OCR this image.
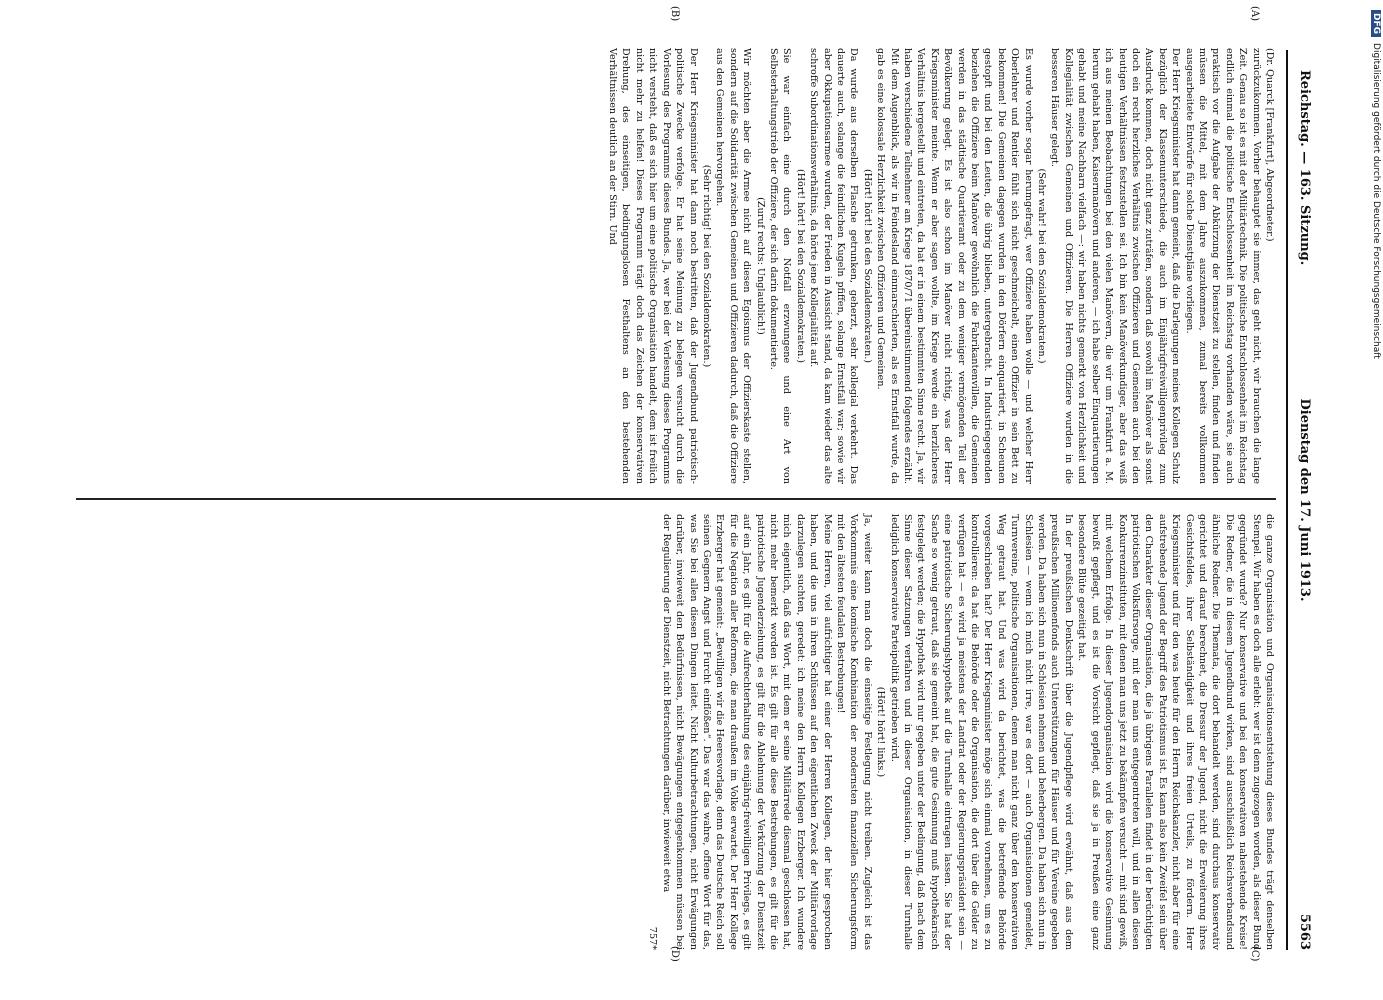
Reichstag. — 163. Sitzung.
Dienstag den 17. Juni 1913.
5563
(A)
(B)
(C)
(D)

(Dr. Quarck [Frankfurt], Abgeordneter.)

zurückzukommen. Vorher behauptet sie immer, das geht nicht, wir brauchen die lange Zeit. Genau so ist es mit der Militärtechnik. Die politische Entschlossenheit im Reichstag endlich einmal die politische Entschlossenheit im Reichstag vorhanden wäre, sie auch praktisch vor die Aufgabe der Abkürzung der Dienstzeit zu stellen, finden und finden müssen die Mittel, mit dem Jahre auszukommen, zumal bereits vollkommen ausgearbeitete Entwürfe für solche Dienstpläne vorliegen.

Der Herr Kriegsminister hat dann gemeint, daß die Darlegungen meines Kollegen Schulz bezüglich der Klassenunterschiede, die auch im Einjährigfreiwilligenprivileg zum Ausdruck kommen, doch nicht ganz zuträfen, sondern daß sowohl im Manöver als sonst doch ein recht herzliches Verhältnis zwischen Offizieren und Gemeinen auch bei den heutigen Verhältnissen festzustellen sei. Ich bin kein Manöverkundiger, aber das weiß ich aus meinen Beobachtungen bei den vielen Manövern, die wir um Frankfurt a. M. herum gehabt haben, Kaisermanövern und anderen, — ich habe selber Einquartierungen gehabt und meine Nachbarn vielfach —: wir haben nichts gemerkt von Herzlichkeit und Kollegialität zwischen Gemeinen und Offizieren. Die Herren Offiziere wurden in die besseren Häuser gelegt.

(Sehr wahr! bei den Sozialdemokraten.)

Es wurde vorher sogar herumgefragt, wer Offiziere haben wolle — und welcher Herr Oberlehrer und Rentier fühlt sich nicht geschmeichelt, einen Offizier in sein Bett zu bekommen! Die Gemeinen dagegen wurden in den Dörfern einquartiert, in Scheunen gestopft und bei den Leuten, die übrig blieben, untergebracht. In Industriegegenden beziehen die Offiziere beim Manöver gewöhnlich die Fabrikantenvillen, die Gemeinen werden in das städtische Quartieramt oder zu dem weniger vermögenden Teil der Bevölkerung gelegt. Es ist also schon im Manöver nicht richtig, was der Herr Kriegsminister meinte. Wenn er aber sagen wollte, im Kriege werde ein herzlicheres Verhältnis hergestellt und eintreten, da hat er in einem bestimmten Sinne recht. Ja, wir haben verschiedene Teilnehmer am Kriege 1870/71 übereinstimmend folgendes erzählt. Mit dem Augenblick, als wir in Feindesland einmarschierten, als es Ernstfall wurde, da gab es eine kolossale Herzlichkeit zwischen Offizieren und Gemeinen.

(Hört! hört! bei den Sozialdemokraten.)

Da wurde aus derselben Flasche getrunken, geherzt, sehr kollegial verkehrt. Das dauerte auch, solange die feindlichen Kugeln pfiffen, solange Ernstfall war; sowie wir aber Okkupationsarmee wurden, der Frieden in Aussicht stand, da kam wieder das alte schroffe Subordinationsverhältnis, da hörte jene Kollegialität auf.

(Hört! hört! bei den Sozialdemokraten.)

Sie war einfach eine durch den Notfall erzwungene und eine Art von Selbsterhaltungstrieb der Offiziere, der sich darin dokumentierte.

(Zuruf rechts: Unglaublich!)

Wir möchten aber die Armee nicht auf diesen Egoismus der Offizierskaste stellen, sondern auf die Solidarität zwischen Gemeinen und Offizieren dadurch, daß die Offiziere aus den Gemeinen hervorgehen.

(Sehr richtig! bei den Sozialdemokraten.)

Der Herr Kriegsminister hat dann noch bestritten, daß der Jugendbund patriotisch-politische Zwecke verfolge. Er hat seine Meinung zu belegen versucht durch die Vorlesung des Programms dieses Bundes. Ja, wer bei der Verlesung dieses Programms nicht versteht, daß es sich hier um eine politische Organisation handelt, dem ist freilich nicht mehr zu helfen! Dieses Programm trägt doch das Zeichen der konservativen Drehung, des einseitigen, bedingungslosen Festhaltens an den bestehenden Verhältnissen deutlich an der Stirn. Und

die ganze Organisation und Organisationsentstehung dieses Bundes trägt denselben Stempel. Wir haben es doch alle erlebt: wer ist denn zugezogen worden, als dieser Bund gegründet wurde? Nur konservative und bei den konservativen nahestehende Kreise! Die Redner, die in diesem Jugendbund wirken, sind ausschließlich Reichsverbandsund ähnliche Redner. Die Themata, die dort behandelt werden, sind durchaus konservativ gerichtet und darauf berechnet, die Dressur der Jugend, nicht die Erweiterung ihres Gesichtsfeldes, ihrer Selbständigkeit und ihres freien Urteils, zu fördern. Herr Kriegsminister und für den was heute für den Herrn Reichskanzler, nicht aber für eine aufstrebende Jugend der Begriff des Patriotismus ist. Es kann also kein Zweifel sein über den Charakter dieser Organisation, die ja übrigens Parallelen findet in der berüchtigten patriotischen Volksfürsorge, mit der man uns entgegentreten will, und in allen diesen Konkurrenzinstituten, mit denen man uns jetzt zu bekämpfen versucht — mit sind gewiß, mit welchem Erfolge. In dieser Jugendorganisation wird die konservative Gesinnung bewußt gepflegt, und es ist die Vorsicht gepflegt, daß sie ja in Preußen eine ganz besondere Blüte gezeitigt hat.

In der preußischen Denkschrift über die Jugendpflege wird erwähnt, daß aus dem preußischen Millionenfonds auch Unterstützungen für Häuser und für Vereine gegeben werden. Da haben sich nun in Schlesien nehmen und beherbergen. Da haben sich nun in Schlesien — wenn ich mich nicht irre, war es dort — auch Organisationen gemeldet, Turnvereine, politische Organisationen, denen man nicht ganz über den konservativen Weg getraut hat. Und was wird da berichtet, was die betreffende Behörde vorgeschrieben hat? Der Herr Kriegsminister möge sich einmal vornehmen, um es zu kontrollieren: da hat die Behörde oder die Organisation, die dort über die Gelder zu verfügen hat — es wird ja meistens der Landrat oder der Regierungspräsident sein — eine patriotische Sicherungshypothek auf die Turnhalle eintragen lassen. Sie hat der Sache so wenig getraut, daß sie gemeint hat, die gute Gesinnung muß hypothekarisch festgelegt werden; die Hypothek wird nur gegeben unter der Bedingung, daß nach dem Sinne dieser Satzungen verfahren und in dieser Organisation, in dieser Turnhalle lediglich konservative Parteipolitik getrieben wird.

(Hört! hört! links.)

Ja, weiter kann man doch die einseitige Festlegung nicht treiben. Zugleich ist das Vorkommnis eine komische Kombination der modernsten finanziellen Sicherungsform mit den ältesten feudalen Bestrebungen!

Meine Herren, viel aufrichtiger hat einer der Herren Kollegen, der hier gesprochen haben, und die uns in ihren Schlüssen auf den eigentlichen Zweck der Militärvorlage darzulegen suchten, geredet: ich meine den Herrn Kollegen Erzberger. Ich wundere mich eigentlich, daß das Wort, mit dem er seine Militärrede diesmal geschlossen hat, nicht mehr bemerkt worden ist. Es gilt für alle diese Bestrebungen, es gilt für die patriotische Jugenderziehung, es gilt für die Ablehnung der Verkürzung der Dienstzeit auf ein Jahr, es gilt für die Aufrechterhaltung des einjährig-freiwilligen Privilegs, es gilt für die Negation aller Reformen, die man draußen im Volke erwartet. Der Herr Kollege Erzberger hat gemeint: „Bewilligen wir die Heeresvorlage, denn das Deutsche Reich soll seinen Gegnern Angst und Furcht einflößen“. Das war das wahre, offene Wort für das, was Sie bei allen diesen Dingen leitet. Nicht Kulturbetrachtungen, nicht Erwägungen darüber, inwieweit den Bedürfnissen, nicht Bewägungen entgegenkommen müssen bei der Regulierung der Dienstzeit, nicht Betrachtungen darüber, inwieweit etwa

757*

DFGDigitalisierung gefördert durch die Deutsche Forschungsgemeinschaft
